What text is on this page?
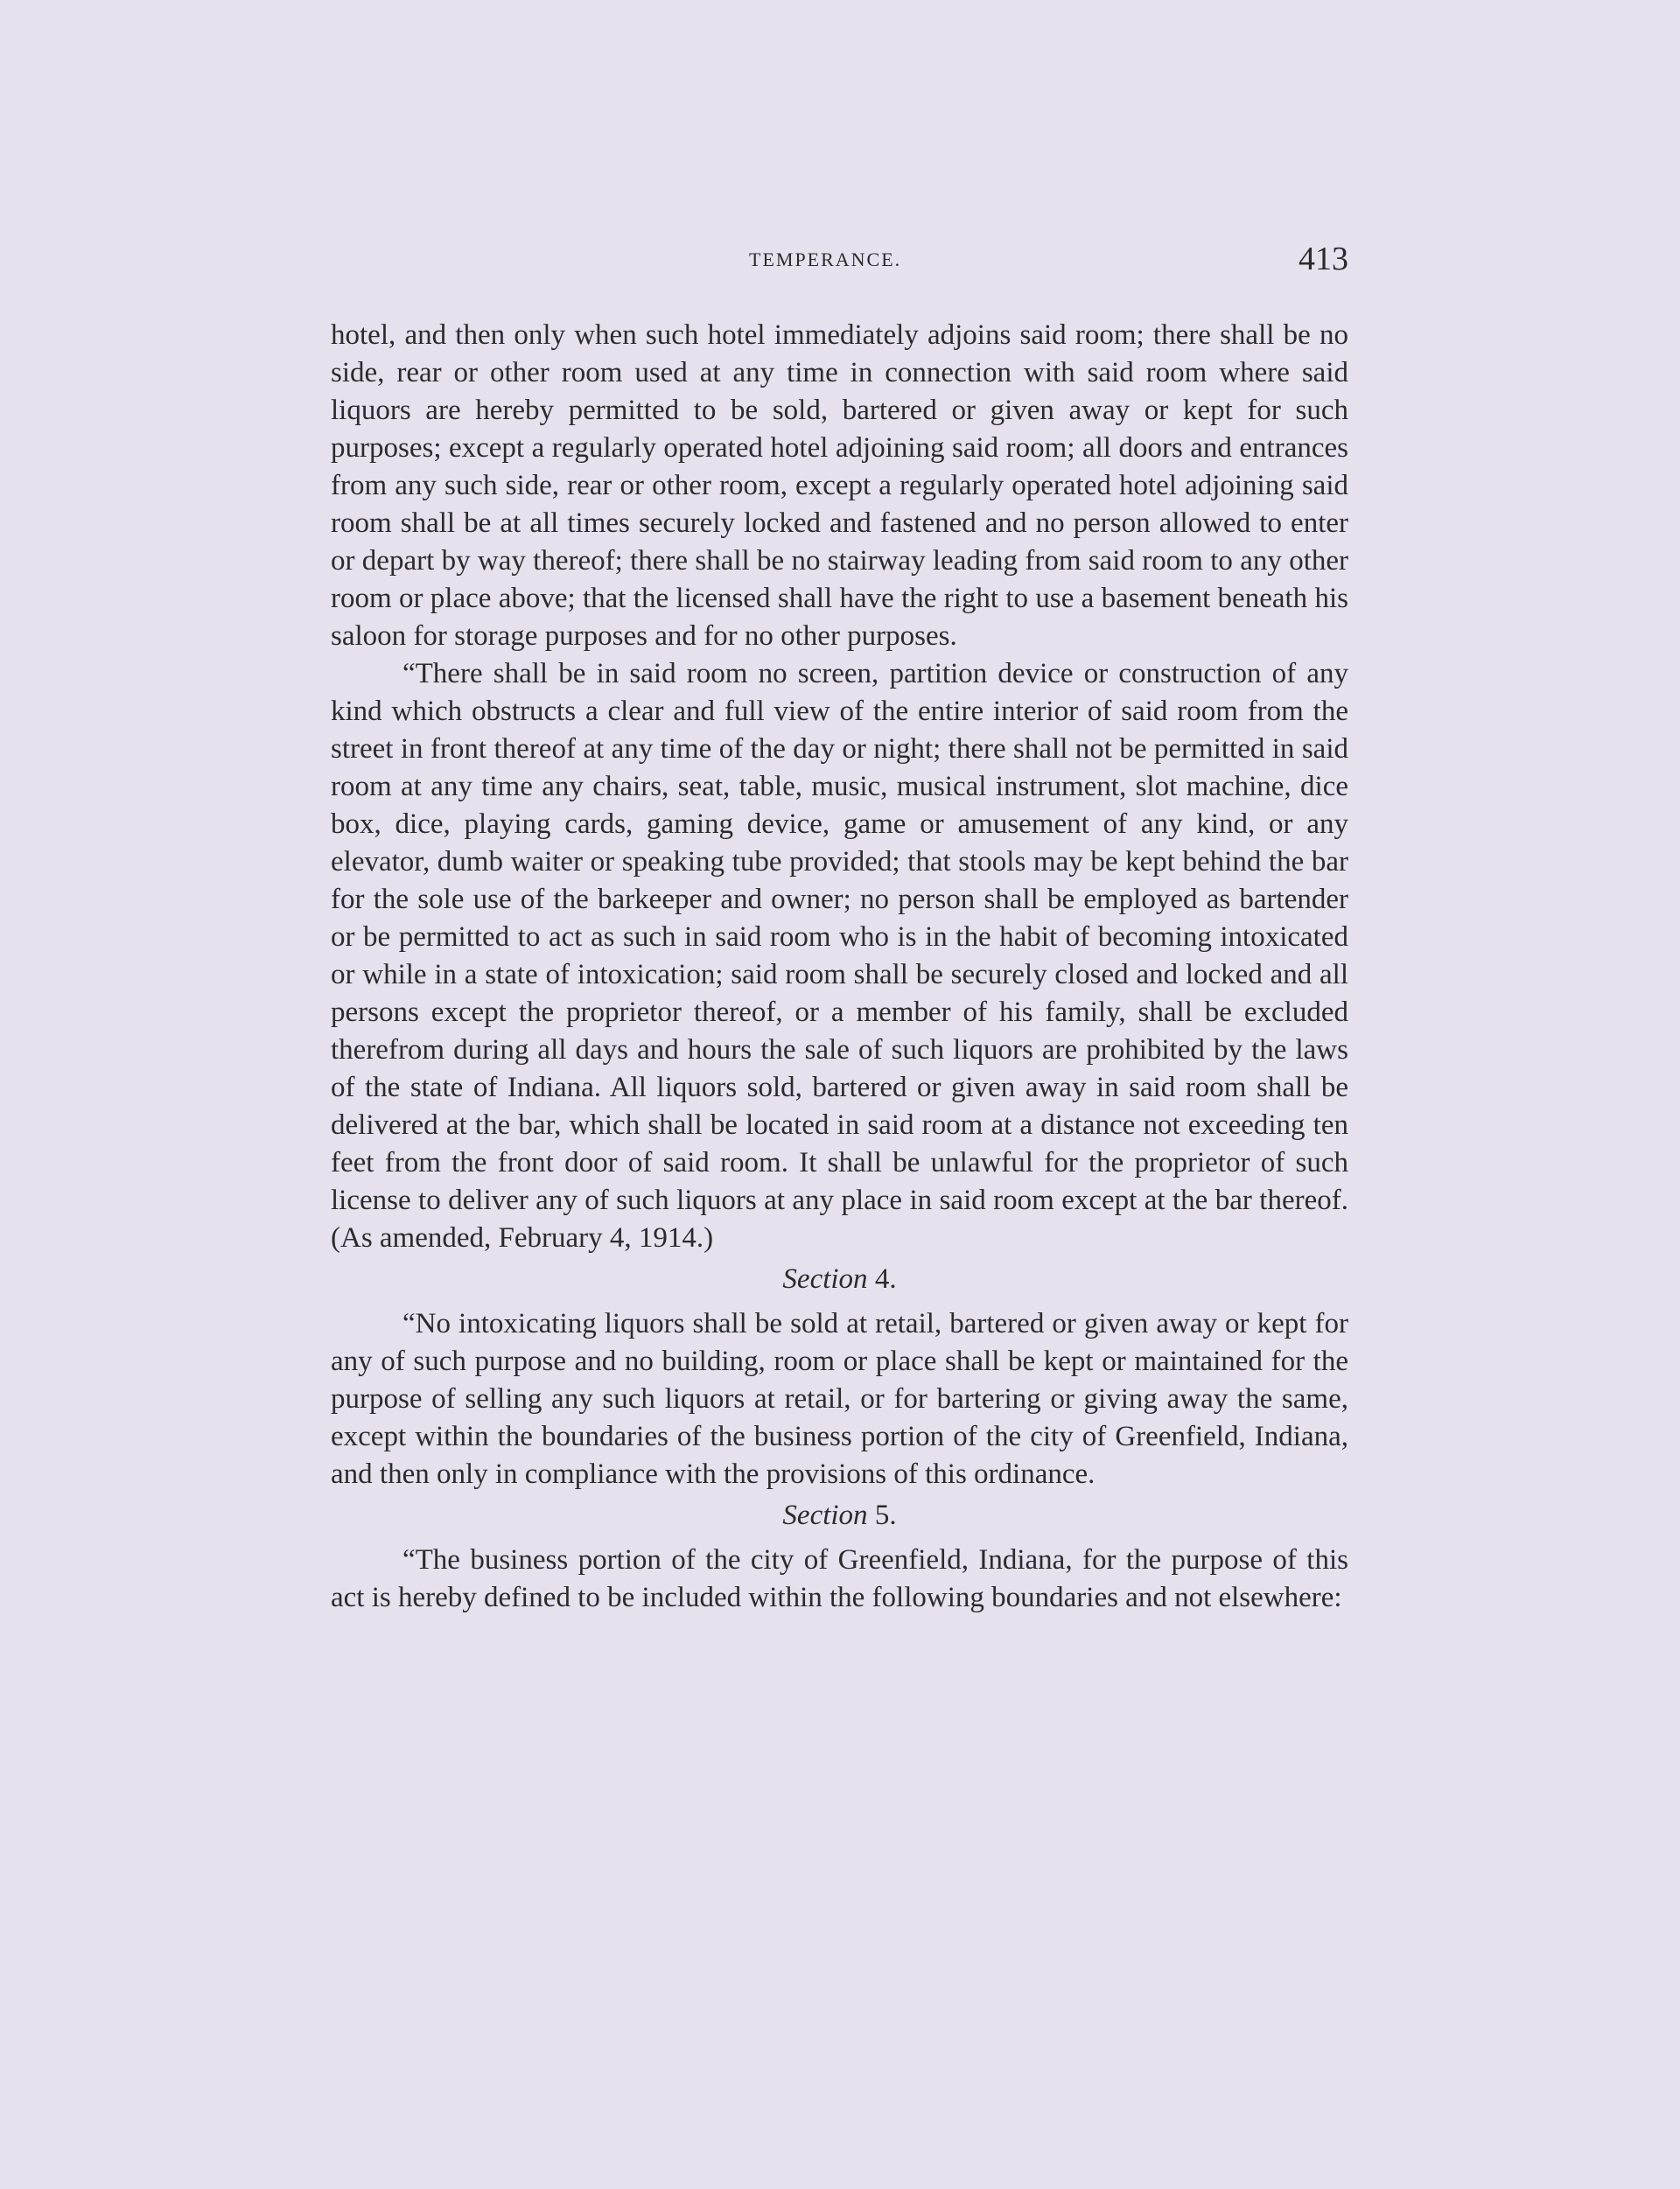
TEMPERANCE.	413

hotel, and then only when such hotel immediately adjoins said room; there shall be no side, rear or other room used at any time in connection with said room where said liquors are hereby permitted to be sold, bartered or given away or kept for such purposes; except a regularly operated hotel adjoining said room; all doors and entrances from any such side, rear or other room, except a regularly operated hotel adjoining said room shall be at all times securely locked and fastened and no person allowed to enter or depart by way thereof; there shall be no stairway leading from said room to any other room or place above; that the licensed shall have the right to use a basement beneath his saloon for storage purposes and for no other purposes.

“There shall be in said room no screen, partition device or construction of any kind which obstructs a clear and full view of the entire interior of said room from the street in front thereof at any time of the day or night; there shall not be permitted in said room at any time any chairs, seat, table, music, musical instrument, slot machine, dice box, dice, playing cards, gaming device, game or amusement of any kind, or any elevator, dumb waiter or speaking tube provided; that stools may be kept behind the bar for the sole use of the barkeeper and owner; no person shall be employed as bartender or be permitted to act as such in said room who is in the habit of becoming intoxicated or while in a state of intoxication; said room shall be securely closed and locked and all persons except the proprietor thereof, or a member of his family, shall be excluded therefrom during all days and hours the sale of such liquors are prohibited by the laws of the state of Indiana. All liquors sold, bartered or given away in said room shall be delivered at the bar, which shall be located in said room at a distance not exceeding ten feet from the front door of said room. It shall be unlawful for the proprietor of such license to deliver any of such liquors at any place in said room except at the bar thereof. (As amended, February 4, 1914.)

Section 4.

“No intoxicating liquors shall be sold at retail, bartered or given away or kept for any of such purpose and no building, room or place shall be kept or maintained for the purpose of selling any such liquors at retail, or for bartering or giving away the same, except within the boundaries of the business portion of the city of Greenfield, Indiana, and then only in compliance with the provisions of this ordinance.

Section 5.

“The business portion of the city of Greenfield, Indiana, for the purpose of this act is hereby defined to be included within the following boundaries and not elsewhere:
